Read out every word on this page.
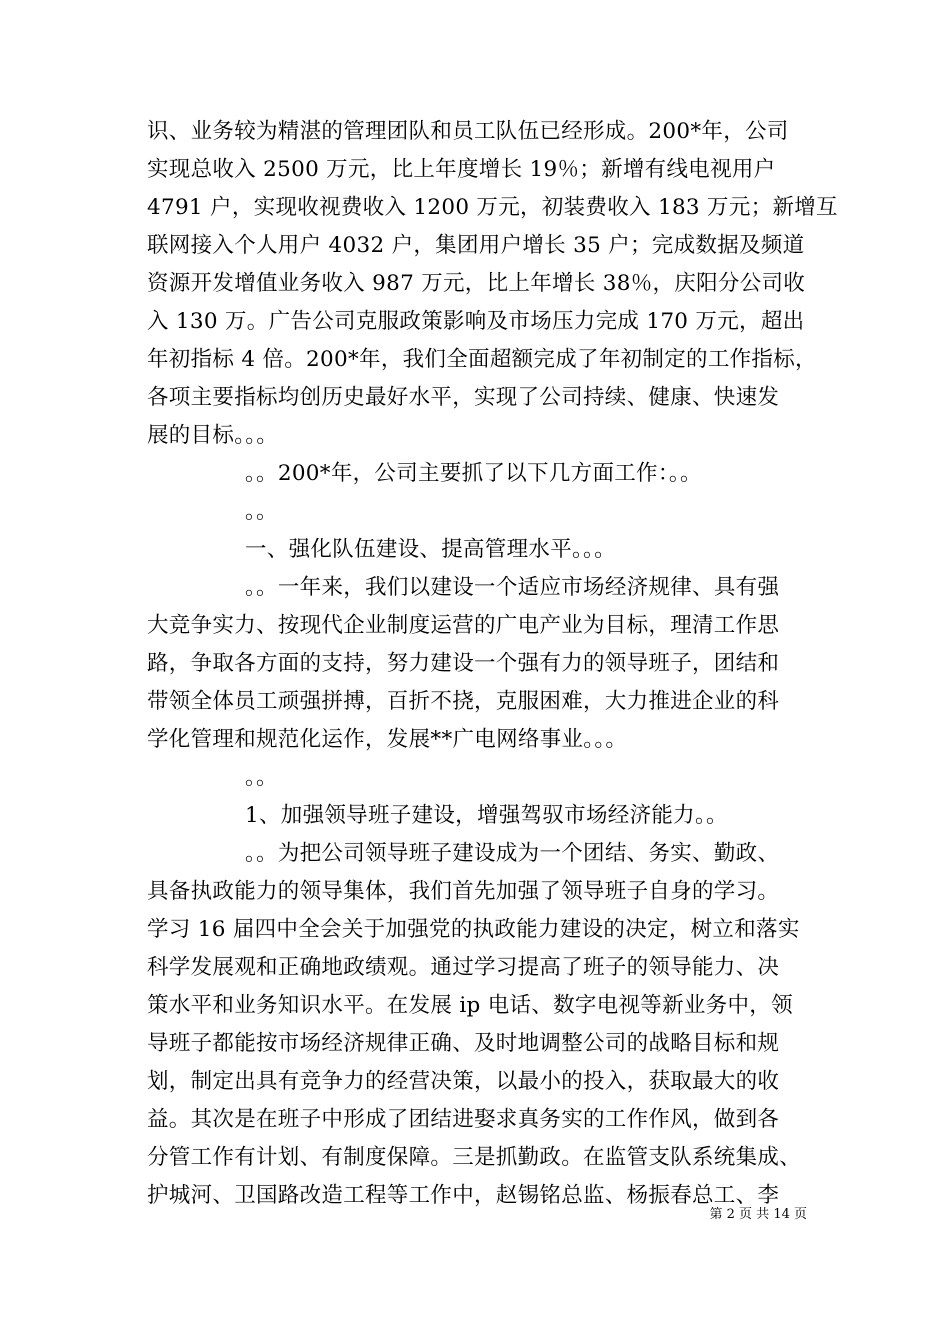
识、业务较为精湛的管理团队和员工队伍已经形成。200*年，公司
实现总收入 2500 万元，比上年度增长 19％；新增有线电视用户
4791 户，实现收视费收入 1200 万元，初装费收入 183 万元；新增互
联网接入个人用户 4032 户，集团用户增长 35 户；完成数据及频道
资源开发增值业务收入 987 万元，比上年增长 38％，庆阳分公司收
入 130 万。广告公司克服政策影响及市场压力完成 170 万元，超出
年初指标 4 倍。200*年，我们全面超额完成了年初制定的工作指标，
各项主要指标均创历史最好水平，实现了公司持续、健康、快速发
展的目标。。。
。。200*年，公司主要抓了以下几方面工作：。。
。。
一、强化队伍建设、提高管理水平。。。
。。一年来，我们以建设一个适应市场经济规律、具有强
大竞争实力、按现代企业制度运营的广电产业为目标，理清工作思
路，争取各方面的支持，努力建设一个强有力的领导班子，团结和
带领全体员工顽强拼搏，百折不挠，克服困难，大力推进企业的科
学化管理和规范化运作，发展**广电网络事业。。。
。。
1、加强领导班子建设，增强驾驭市场经济能力。。
。。为把公司领导班子建设成为一个团结、务实、勤政、
具备执政能力的领导集体，我们首先加强了领导班子自身的学习。
学习 16 届四中全会关于加强党的执政能力建设的决定，树立和落实
科学发展观和正确地政绩观。通过学习提高了班子的领导能力、决
策水平和业务知识水平。在发展 ip 电话、数字电视等新业务中，领
导班子都能按市场经济规律正确、及时地调整公司的战略目标和规
划，制定出具有竞争力的经营决策，以最小的投入，获取最大的收
益。其次是在班子中形成了团结进娶求真务实的工作作风，做到各
分管工作有计划、有制度保障。三是抓勤政。在监管支队系统集成、
护城河、卫国路改造工程等工作中，赵锡铭总监、杨振春总工、李
第 2 页 共 14 页
